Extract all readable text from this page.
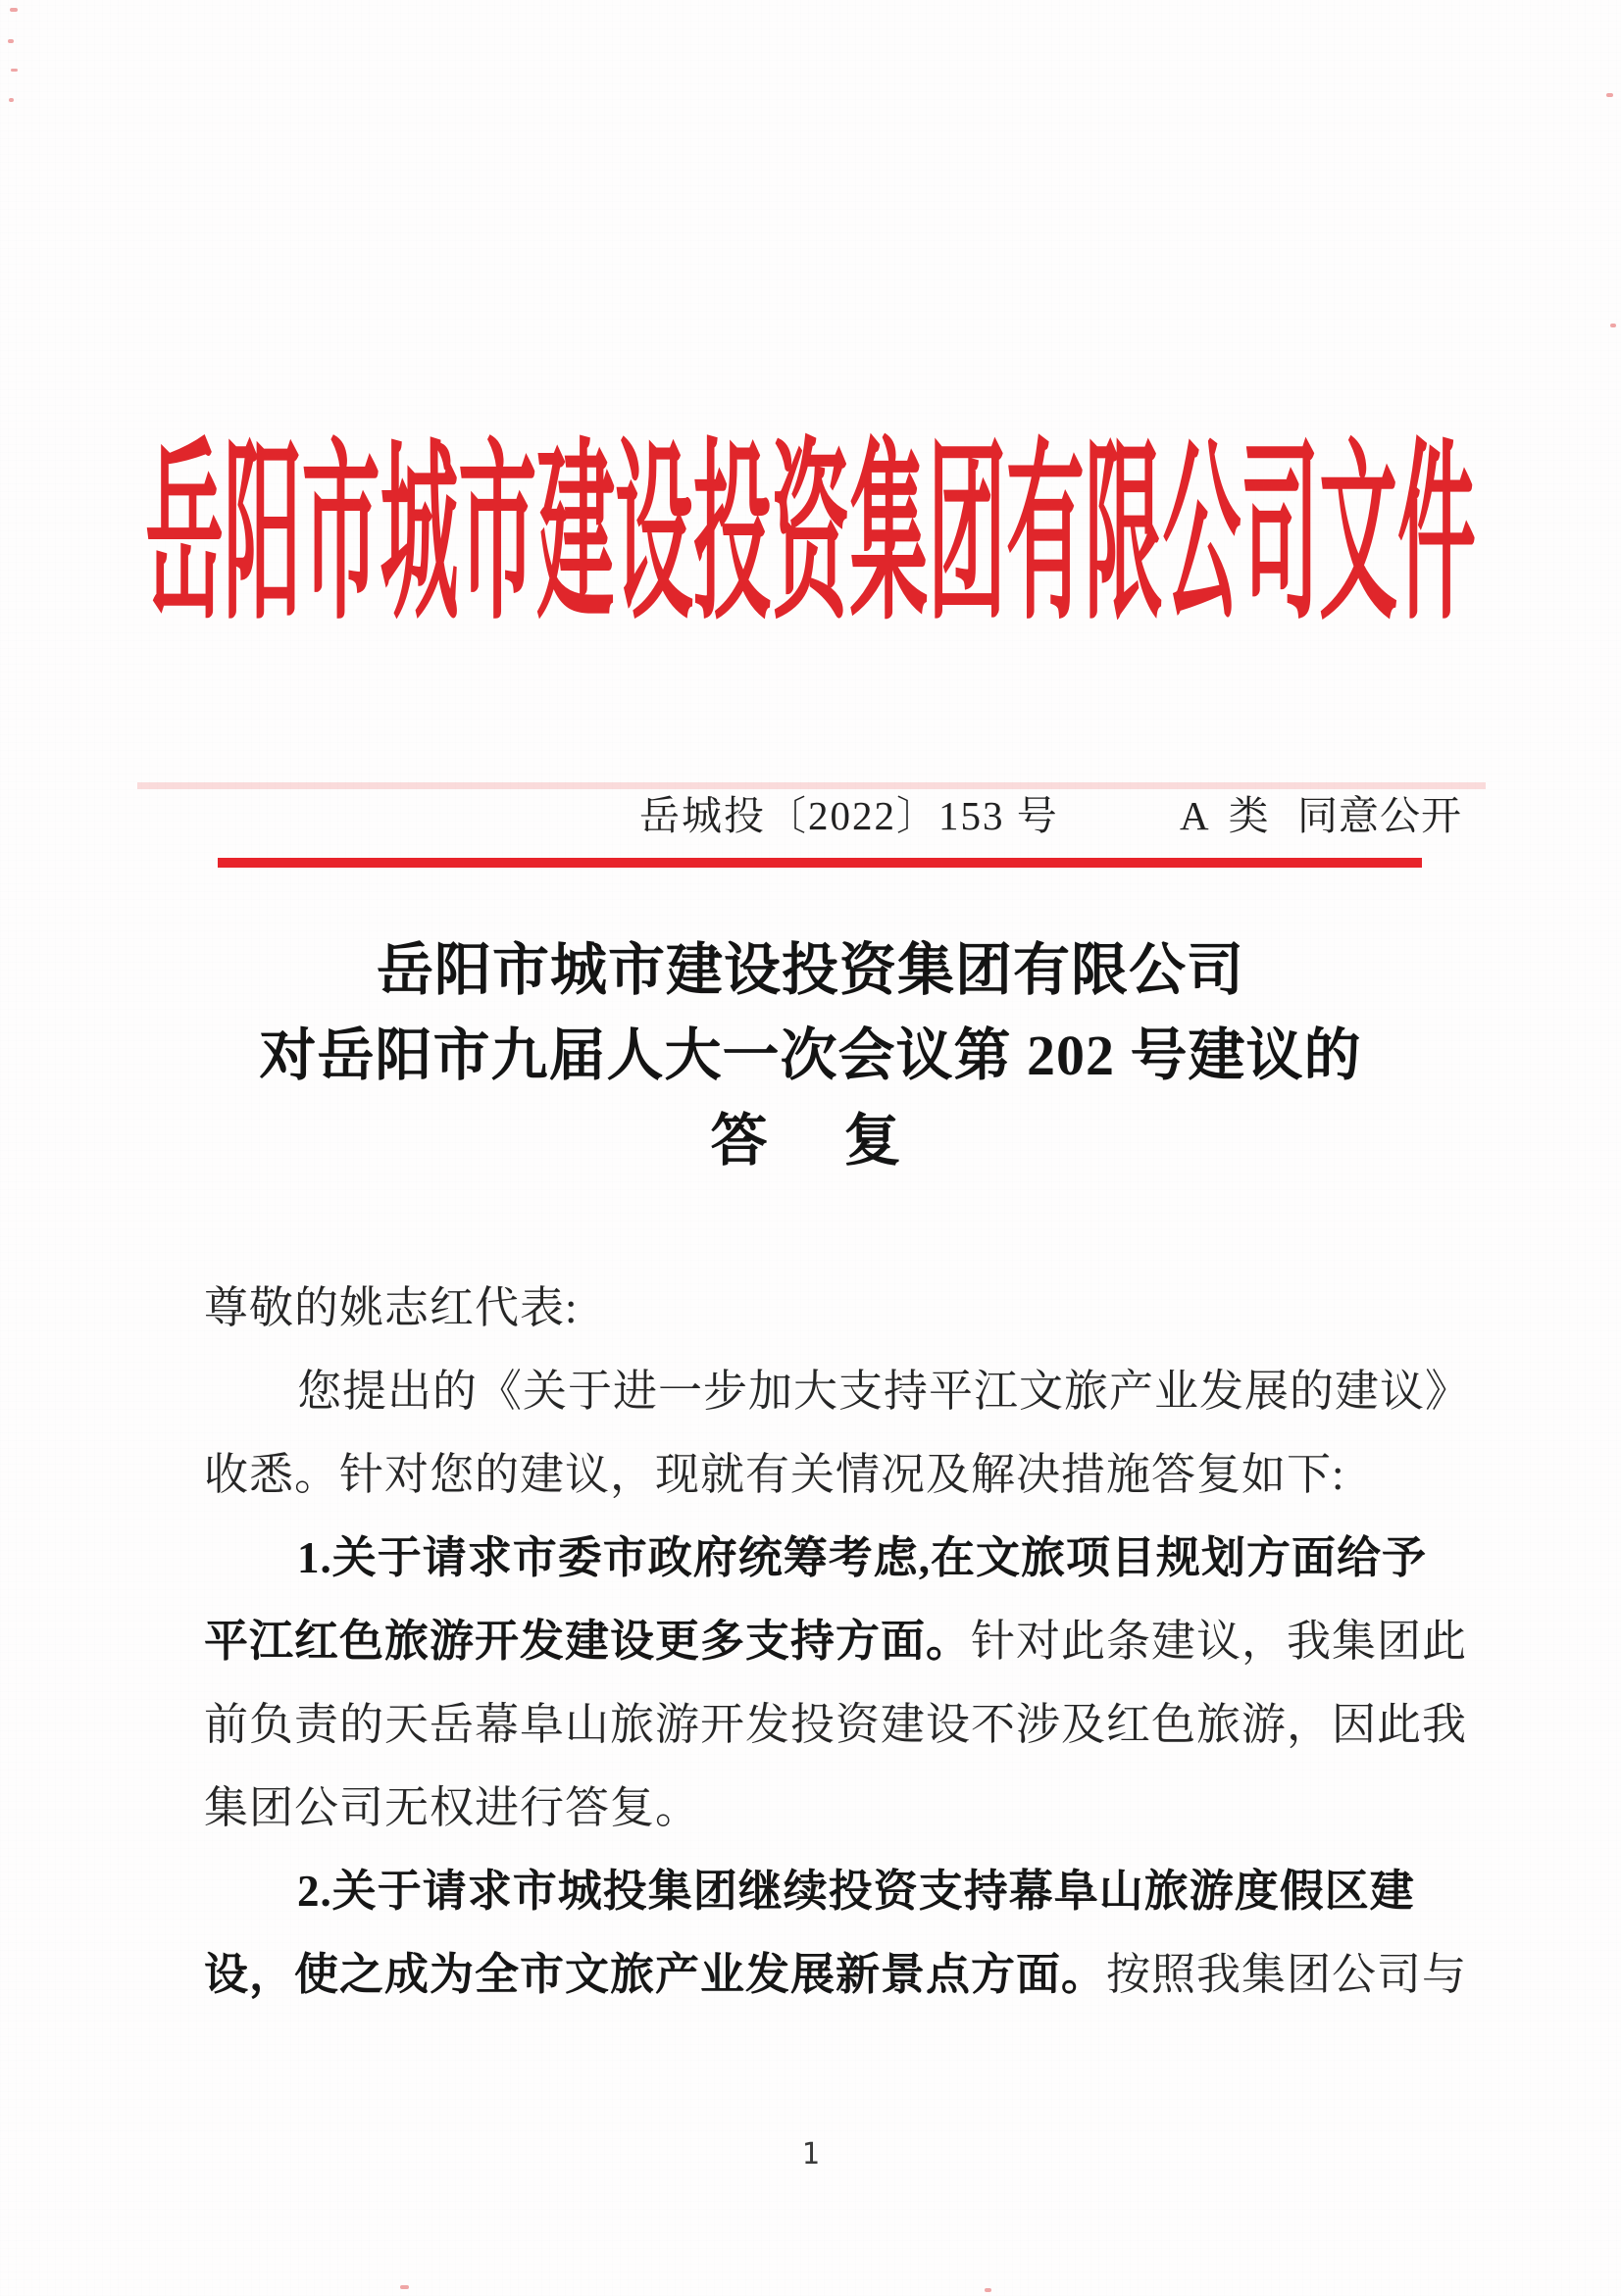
岳阳市城市建设投资集团有限公司文件
岳城投〔2022〕153 号	A 类 同意公开
岳阳市城市建设投资集团有限公司
对岳阳市九届人大一次会议第 202 号建议的
答　复
尊敬的姚志红代表:
您提出的《关于进一步加大支持平江文旅产业发展的建议》
收悉。针对您的建议，现就有关情况及解决措施答复如下:
1.关于请求市委市政府统筹考虑,在文旅项目规划方面给予
平江红色旅游开发建设更多支持方面。针对此条建议，我集团此
前负责的天岳幕阜山旅游开发投资建设不涉及红色旅游，因此我
集团公司无权进行答复。
2.关于请求市城投集团继续投资支持幕阜山旅游度假区建
设，使之成为全市文旅产业发展新景点方面。按照我集团公司与
1
